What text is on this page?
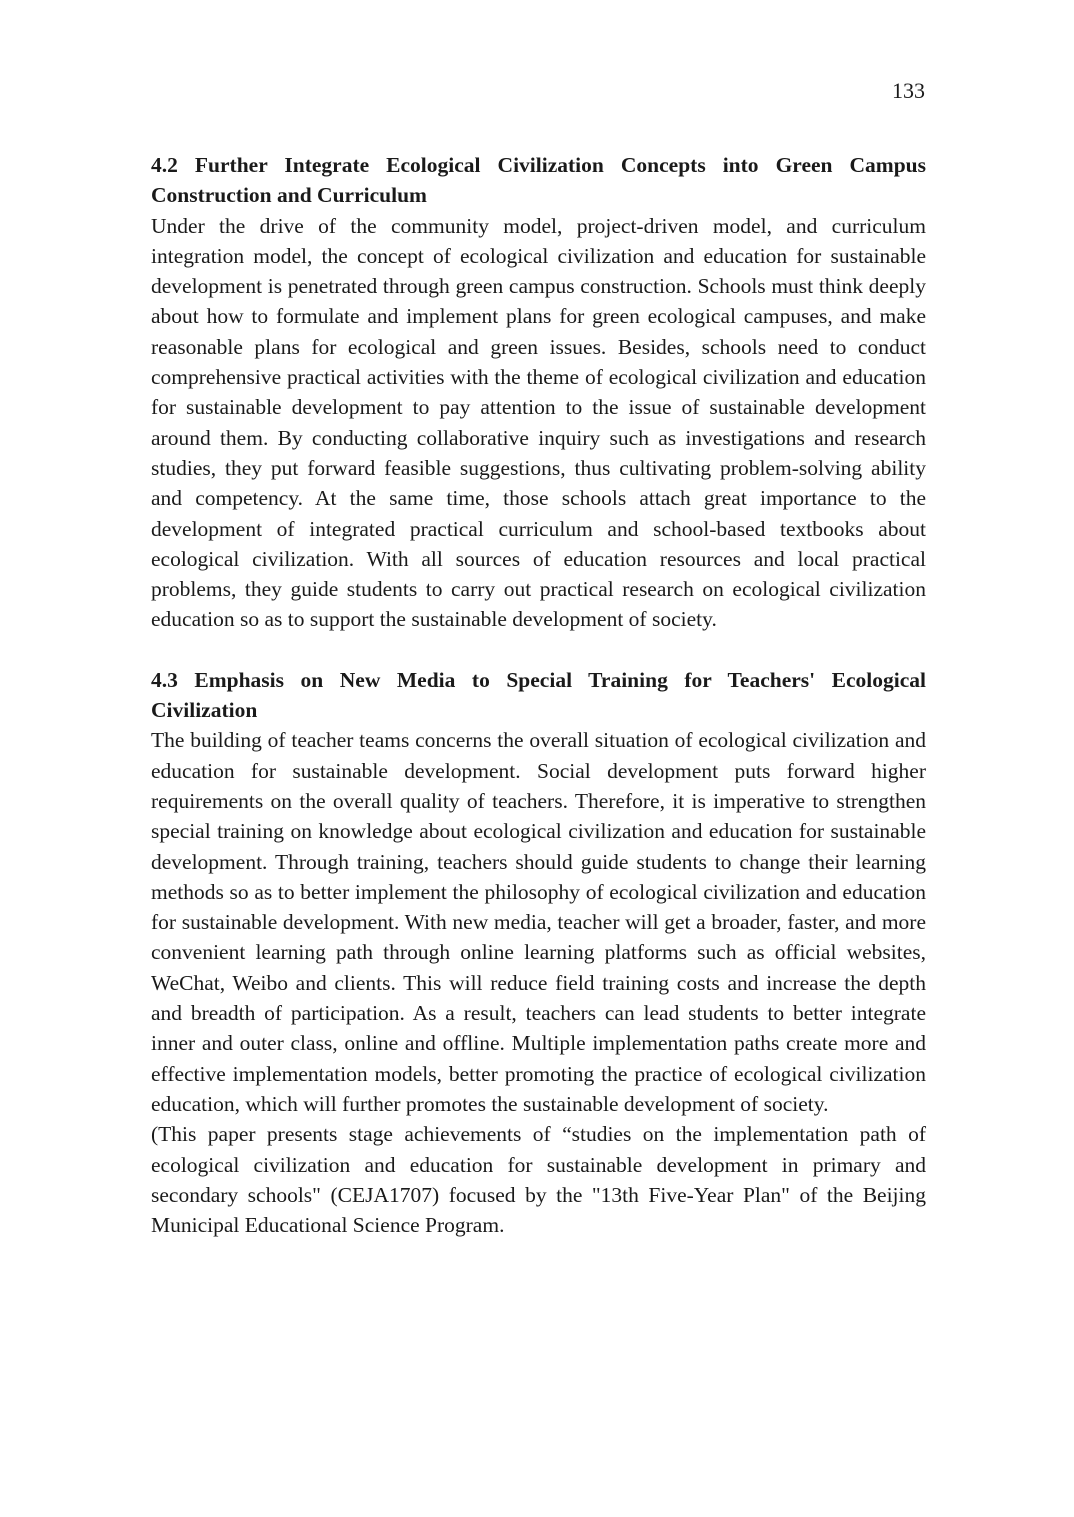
133
4.2 Further Integrate Ecological Civilization Concepts into Green Campus Construction and Curriculum

Under the drive of the community model, project-driven model, and curriculum integration model, the concept of ecological civilization and education for sustainable development is penetrated through green campus construction. Schools must think deeply about how to formulate and implement plans for green ecological campuses, and make reasonable plans for ecological and green issues. Besides, schools need to conduct comprehensive practical activities with the theme of ecological civilization and education for sustainable development to pay attention to the issue of sustainable development around them. By conducting collaborative inquiry such as investigations and research studies, they put forward feasible suggestions, thus cultivating problem-solving ability and competency. At the same time, those schools attach great importance to the development of integrated practical curriculum and school-based textbooks about ecological civilization. With all sources of education resources and local practical problems, they guide students to carry out practical research on ecological civilization education so as to support the sustainable development of society.

4.3 Emphasis on New Media to Special Training for Teachers' Ecological Civilization

The building of teacher teams concerns the overall situation of ecological civilization and education for sustainable development. Social development puts forward higher requirements on the overall quality of teachers. Therefore, it is imperative to strengthen special training on knowledge about ecological civilization and education for sustainable development. Through training, teachers should guide students to change their learning methods so as to better implement the philosophy of ecological civilization and education for sustainable development. With new media, teacher will get a broader, faster, and more convenient learning path through online learning platforms such as official websites, WeChat, Weibo and clients. This will reduce field training costs and increase the depth and breadth of participation. As a result, teachers can lead students to better integrate inner and outer class, online and offline. Multiple implementation paths create more and effective implementation models, better promoting the practice of ecological civilization education, which will further promotes the sustainable development of society.

(This paper presents stage achievements of “studies on the implementation path of ecological civilization and education for sustainable development in primary and secondary schools" (CEJA1707) focused by the "13th Five-Year Plan" of the Beijing Municipal Educational Science Program.
